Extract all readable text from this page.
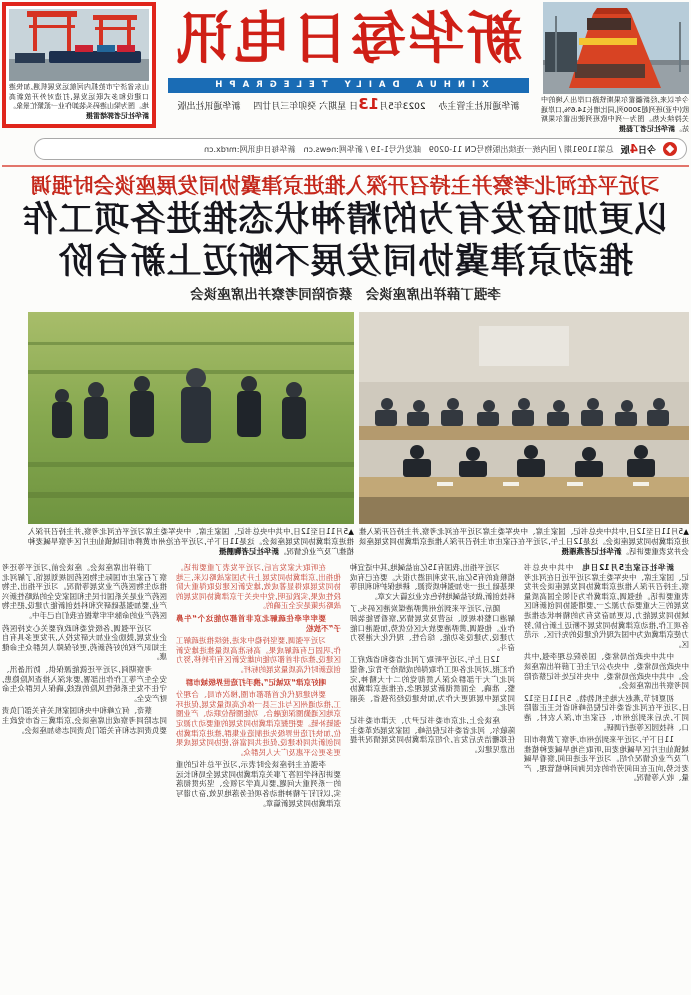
今年以来,经新疆霍尔果斯铁路口岸出入境的中欧(中亚)班列超3000列,同比增长14.6%,口岸通关持续火热。图为一列中欧班列驶出霍尔果斯站。新华社记者丁磊摄
新华每日电讯
XINHUA DAILY TELEGRAPH
新华通讯社主管主办 2023年5月13日 星期六 癸卯年三月廿四 新华通讯社出版
山东省济宁市抢抓内河航运发展机遇,加快港口建设和多式联运发展,打造对外开放新高地。图为梁山港码头装卸作业一派繁忙景象。新华社记者郭绪雷摄
今日4版
总第11091期 / 国内统一连续出版物号CN 11-0209　邮发代号1-19 / 新华网:news.cn　新华每日电讯网:mrdx.cn
习近平在河北考察并主持召开深入推进京津冀协同发展座谈会时强调
以更加奋发有为的精神状态推进各项工作
推动京津冀协同发展不断迈上新台阶
李强丁薛祥出席座谈会　蔡奇陪同考察并出席座谈会
▲5月11日至12日,中共中央总书记、国家主席、中央军委主席习近平在河北考察,并主持召开深入推进京津冀协同发展座谈会。这是12日上午,习近平在石家庄市主持召开深入推进京津冀协同发展座谈会并发表重要讲话。新华社记者燕雁摄
▲5月11日至12日,中共中央总书记、国家主席、中央军委主席习近平在河北考察,并主持召开深入推进京津冀协同发展座谈会。这是11日下午,习近平在沧州市黄骅市旧城镇仙庄片区考察旱碱麦种植推广及产业化情况。新华社记者鞠鹏摄

新华社石家庄5月12日电　中共中央总书记、国家主席、中央军委主席习近平近日在河北考察,主持召开深入推进京津冀协同发展座谈会并发表重要讲话。他强调,京津冀作为引领全国高质量发展的三大重要动力源之一,要增强协同创新和区域协同发展能力,以更加奋发有为的精神状态推进各项工作,推动京津冀协同发展不断迈上新台阶,努力使京津冀成为中国式现代化建设的先行区、示范区。

中共中央政治局常委、国务院总理李强,中共中央政治局常委、中央办公厅主任丁薛祥出席座谈会。中共中央政治局常委、中央书记处书记蔡奇陪同考察并出席座谈会。

初夏时节,燕赵大地生机勃勃。5月11日至12日,习近平在河北省委书记倪岳峰和省长王正谱陪同下,先后来到沧州市、石家庄市,深入农村、港口、科技园区等进行调研。

11日下午,习近平来到沧州市,考察了黄骅市旧城镇仙庄片区旱碱地麦田,听取当地旱碱麦种植推广及产业化情况介绍。习近平走进田间,察看旱碱麦长势,向正在田间劳作的农民询问种植管理、产量、收入等情况。

习近平指出,我国有15亿亩盐碱地,其中适宜种植粮食的有5亿亩,开发利用潜力很大。要在已有成果基础上进一步加强种质资源、耕地保护和利用等科技创新,做好盐碱地特色农业这篇大文章。

随后,习近平来到沧州黄骅港煤炭港区码头,了解港口整体规划、运营及发展情况,察看智能装卸作业。他强调,黄骅港要放大区位优势,加强港口能力建设,为建设多功能、综合性、现代化大港努力奋斗。

12日上午,习近平听取了河北省委和省政府工作汇报,对河北各项工作取得的成绩给予肯定,希望河北广大干部群众深入贯彻党的二十大精神,完整、准确、全面贯彻新发展理念,在推进京津冀协同发展中展现更大作为,加快建设经济强省、美丽河北。

座谈会上,北京市委书记尹力、天津市委书记陈敏尔、河北省委书记倪岳峰、国家发展改革委主任郑栅洁先后发言,介绍京津冀协同发展情况并提出意见建议。

在听取大家发言后,习近平发表了重要讲话。他指出,京津冀协同发展上升为国家战略以来,三地协同发展取得显著成效,雄安新区建设取得重大阶段性成果,实践证明,党中央关于京津冀协同发展的战略决策是完全正确的。

要牢牢牵住疏解北京非首都功能这个“牛鼻子”不放松

习近平强调,要坚持稳中求进,接续推进疏解工作,巩固已有疏解成果。高标准高质量推进雄安新区建设,推动非首都功能向雄安新区有序转移,努力创造新时代高质量发展的标杆。

唱好京津“双城记”,携手打造世界级城市群

要构建现代化首都都市圈,梯次布局、合理分工,推动通州区与北三县一体化高质量发展,促进环京地区通勤圈深度融合、功能圈错位联动、产业圈强链补链。要把握京津冀协同发展的重要动力源定位,加快打造世界级先进制造业集群,推进京津冀协同创新共同体建设,促进共同富裕,使协同发展成果更多更公平惠及广大人民群众。

李强在主持座谈会时表示,习近平总书记的重要讲话科学回答了事关京津冀协同发展全局和长远的一系列重大问题,要认真学习领会、坚决贯彻落实,以钉钉子精神推动各项任务落地见效,奋力谱写京津冀协同发展新篇章。

丁薛祥出席座谈会。座谈会前,习近平等还考察了石家庄市国际生物医药园规划展馆,了解河北推动生物医药产业发展等情况。习近平指出,生物医药产业是关系国计民生和国家安全的战略性新兴产业,要加强基础研究和科技创新能力建设,把生物医药产业的命脉牢牢掌握在我们自己手中。

习近平强调,各级党委和政府要关心支持医药企业发展,鼓励企业加大研发投入,开发更多具有自主知识产权的好药新药,更好保障人民群众生命健康。

考察期间,习近平还就能源保供、防汛备汛、安全生产等工作作出部署,要求深入排查风险隐患,守住不发生系统性风险的底线,确保人民群众生命财产安全。

蔡奇、何立峰和中央和国家机关有关部门负责同志陪同考察或出席座谈会,京津冀三省市党政主要负责同志和有关部门负责同志参加座谈会。
